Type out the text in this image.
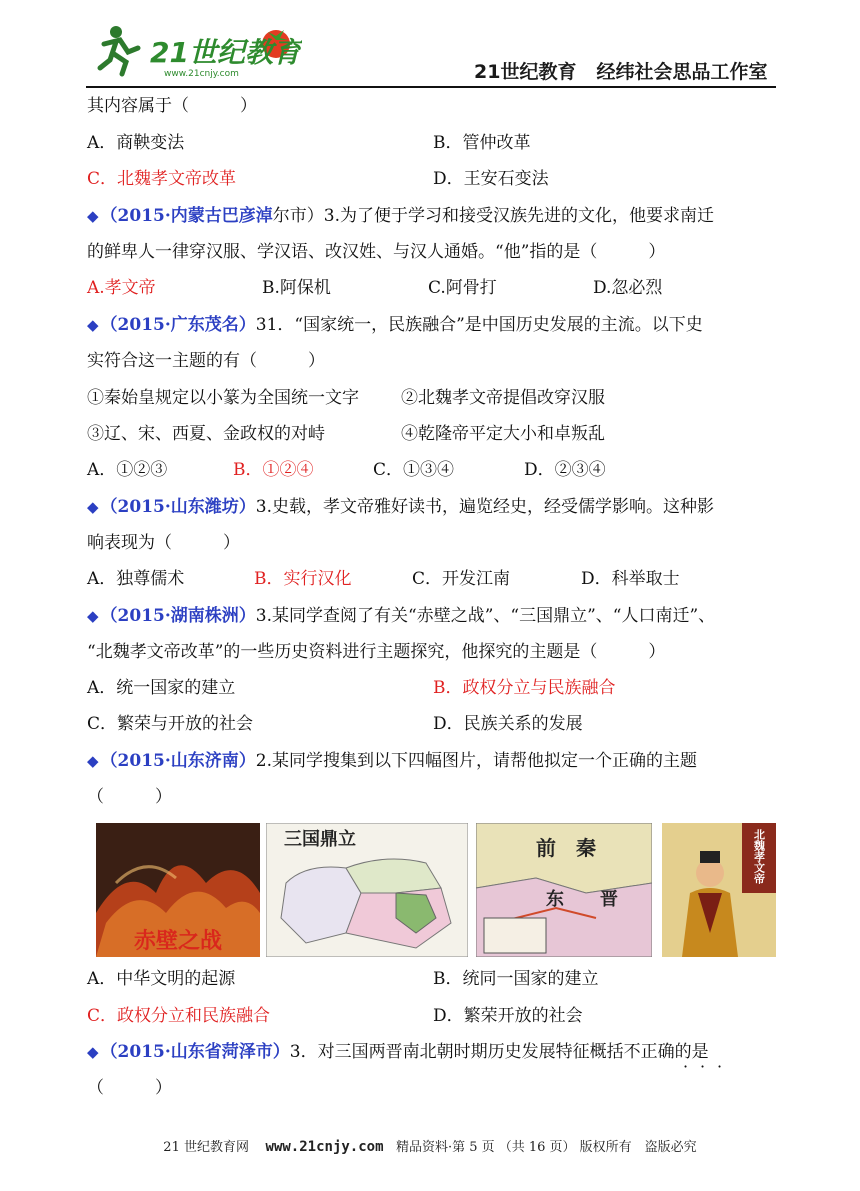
21世纪教育
www.21cnjy.com	21世纪教育 经纬社会思品工作室
其内容属于（　　　）
A．商鞅变法	B．管仲改革
C．北魏孝文帝改革	D．王安石变法
◆ （2015·内蒙古巴彦淖尔市）3.为了便于学习和接受汉族先进的文化，他要求南迁
的鲜卑人一律穿汉服、学汉语、改汉姓、与汉人通婚。“他”指的是（　　　）
A.孝文帝	B.阿保机	C.阿骨打	D.忽必烈
◆ （2015·广东茂名）31．“国家统一，民族融合”是中国历史发展的主流。以下史
实符合这一主题的有（　　　）
①秦始皇规定以小篆为全国统一文字 ②北魏孝文帝提倡改穿汉服
③辽、宋、西夏、金政权的对峙	④乾隆帝平定大小和卓叛乱
A．①②③	B．①②④	C．①③④	D．②③④
◆ （2015·山东潍坊）3.史载，孝文帝雅好读书，遍览经史，经受儒学影响。这种影
响表现为（　　　）
A．独尊儒术	B．实行汉化	C．开发江南	D．科举取士
◆ （2015·湖南株洲）3.某同学查阅了有关“赤壁之战”、“三国鼎立”、“人口南迁”、
“北魏孝文帝改革”的一些历史资料进行主题探究，他探究的主题是（　　　）
A．统一国家的建立	B．政权分立与民族融合
C．繁荣与开放的社会	D．民族关系的发展
◆ （2015·山东济南）2.某同学搜集到以下四幅图片，请帮他拟定一个正确的主题
（　　　）
A．中华文明的起源	B．统同一国家的建立
C．政权分立和民族融合	D．繁荣开放的社会
◆ （2015·山东省菏泽市）3．对三国两晋南北朝时期历史发展特征概括不正确的是
（　　　）
· · ·
赤壁之战
三国鼎立	前　秦
东　　晋
北魏孝文帝
21 世纪教育网 www.21cnjy.com 精品资料·第 5 页 （共 16 页） 版权所有　盗版必究
